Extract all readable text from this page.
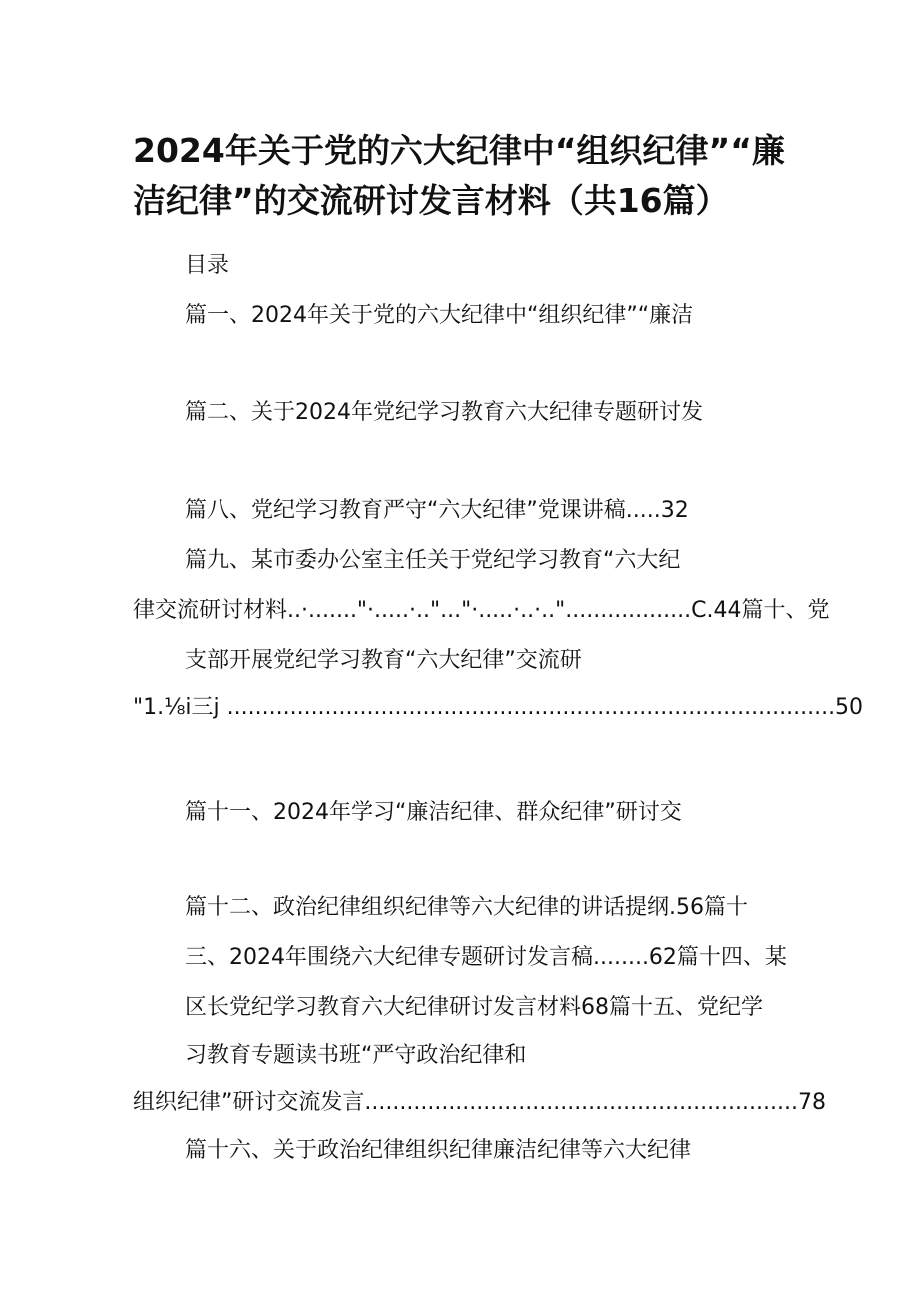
2024年关于党的六大纪律中“组织纪律”“廉
洁纪律”的交流研讨发言材料（共16篇）
目录
篇一、2024年关于党的六大纪律中“组织纪律”“廉洁
篇二、关于2024年党纪学习教育六大纪律专题研讨发
篇八、党纪学习教育严守“六大纪律”党课讲稿.....32
篇九、某市委办公室主任关于党纪学习教育“六大纪
律交流研讨材料..·......."·.....·.."..."·.....·..·.."..................C.44篇十、党
支部开展党纪学习教育“六大纪律”交流研
"1.⅛i三j .......................................................................................50
篇十一、2024年学习“廉洁纪律、群众纪律”研讨交
篇十二、政治纪律组织纪律等六大纪律的讲话提纲.56篇十
三、2024年围绕六大纪律专题研讨发言稿........62篇十四、某
区长党纪学习教育六大纪律研讨发言材料68篇十五、党纪学
习教育专题读书班“严守政治纪律和
组织纪律”研讨交流发言..............................................................78
篇十六、关于政治纪律组织纪律廉洁纪律等六大纪律
